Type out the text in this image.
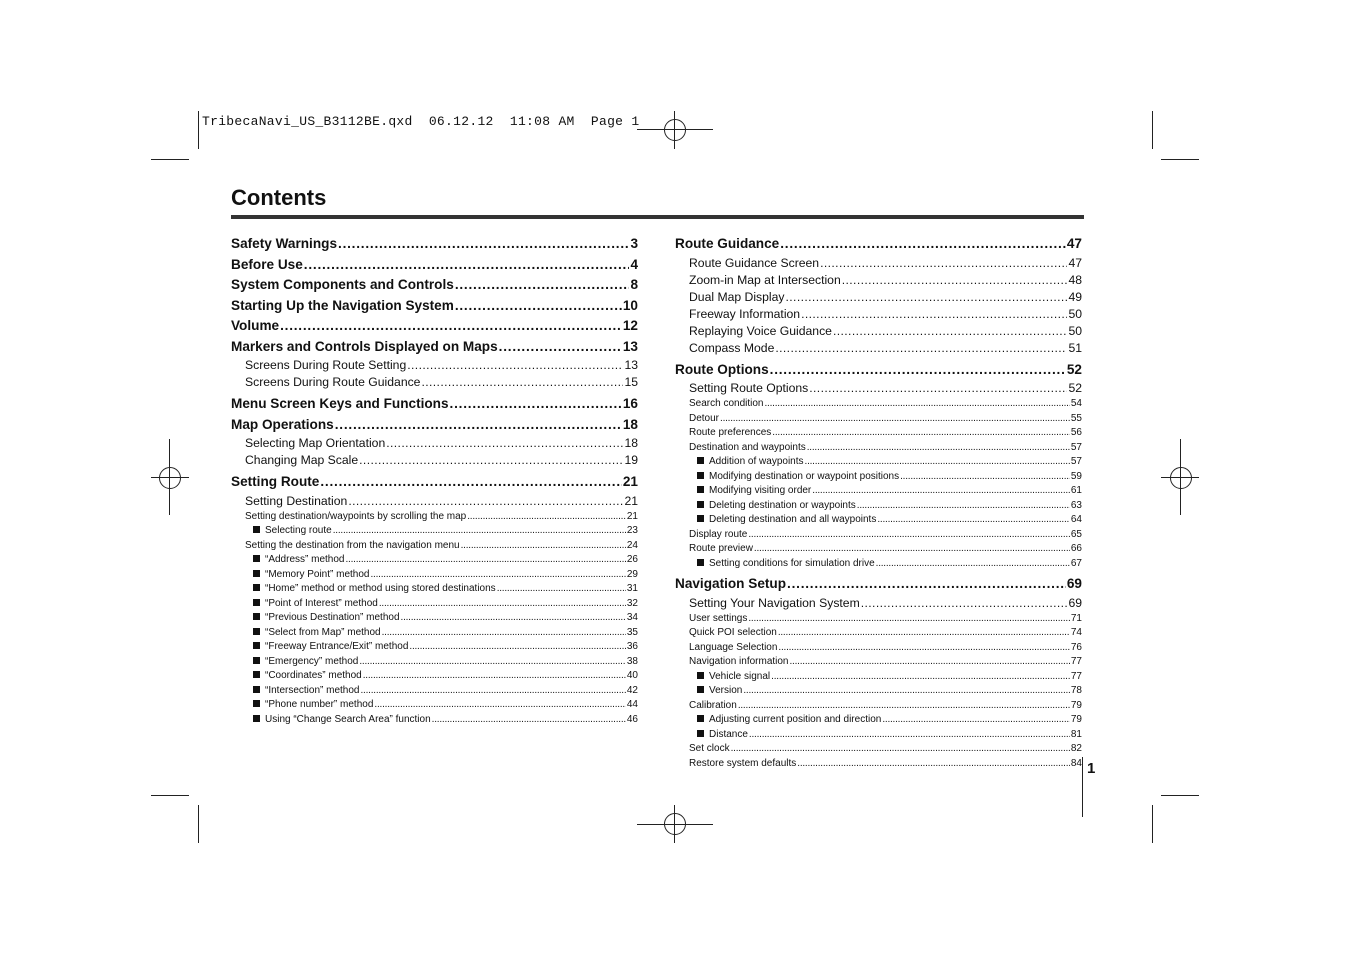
TribecaNavi_US_B3112BE.qxd  06.12.12  11:08 AM  Page 1
Contents
Safety Warnings . . .	3
Before Use . . .	4
System Components and Controls . . .	8
Starting Up the Navigation System . . .	10
Volume . . .	12
Markers and Controls Displayed on Maps . . .	13
Screens During Route Setting . . .	13
Screens During Route Guidance . . .	15
Menu Screen Keys and Functions . . .	16
Map Operations . . .	18
Selecting Map Orientation . . .	18
Changing Map Scale . . .	19
Setting Route . . .	21
Setting Destination . . .	21
Setting destination/waypoints by scrolling the map . . .	21
Selecting route . . .	23
Setting the destination from the navigation menu . . .	24
“Address” method . . .	26
“Memory Point” method . . .	29
“Home” method or method using stored destinations . . .	31
“Point of Interest” method . . .	32
“Previous Destination” method . . .	34
“Select from Map” method . . .	35
“Freeway Entrance/Exit” method . . .	36
“Emergency” method . . .	38
“Coordinates” method . . .	40
“Intersection” method . . .	42
“Phone number” method . . .	44
Using “Change Search Area” function . . .	46
Route Guidance . . .	47
Route Guidance Screen . . .	47
Zoom-in Map at Intersection . . .	48
Dual Map Display . . .	49
Freeway Information . . .	50
Replaying Voice Guidance . . .	50
Compass Mode . . .	51
Route Options . . .	52
Setting Route Options . . .	52
Search condition . . .	54
Detour . . .	55
Route preferences . . .	56
Destination and waypoints . . .	57
Addition of waypoints . . .	57
Modifying destination or waypoint positions . . .	59
Modifying visiting order . . .	61
Deleting destination or waypoints . . .	63
Deleting destination and all waypoints . . .	64
Display route . . .	65
Route preview . . .	66
Setting conditions for simulation drive . . .	67
Navigation Setup . . .	69
Setting Your Navigation System . . .	69
User settings . . .	71
Quick POI selection . . .	74
Language Selection . . .	76
Navigation information . . .	77
Vehicle signal . . .	77
Version . . .	78
Calibration . . .	79
Adjusting current position and direction . . .	79
Distance . . .	81
Set clock . . .	82
Restore system defaults . . .	84 1
